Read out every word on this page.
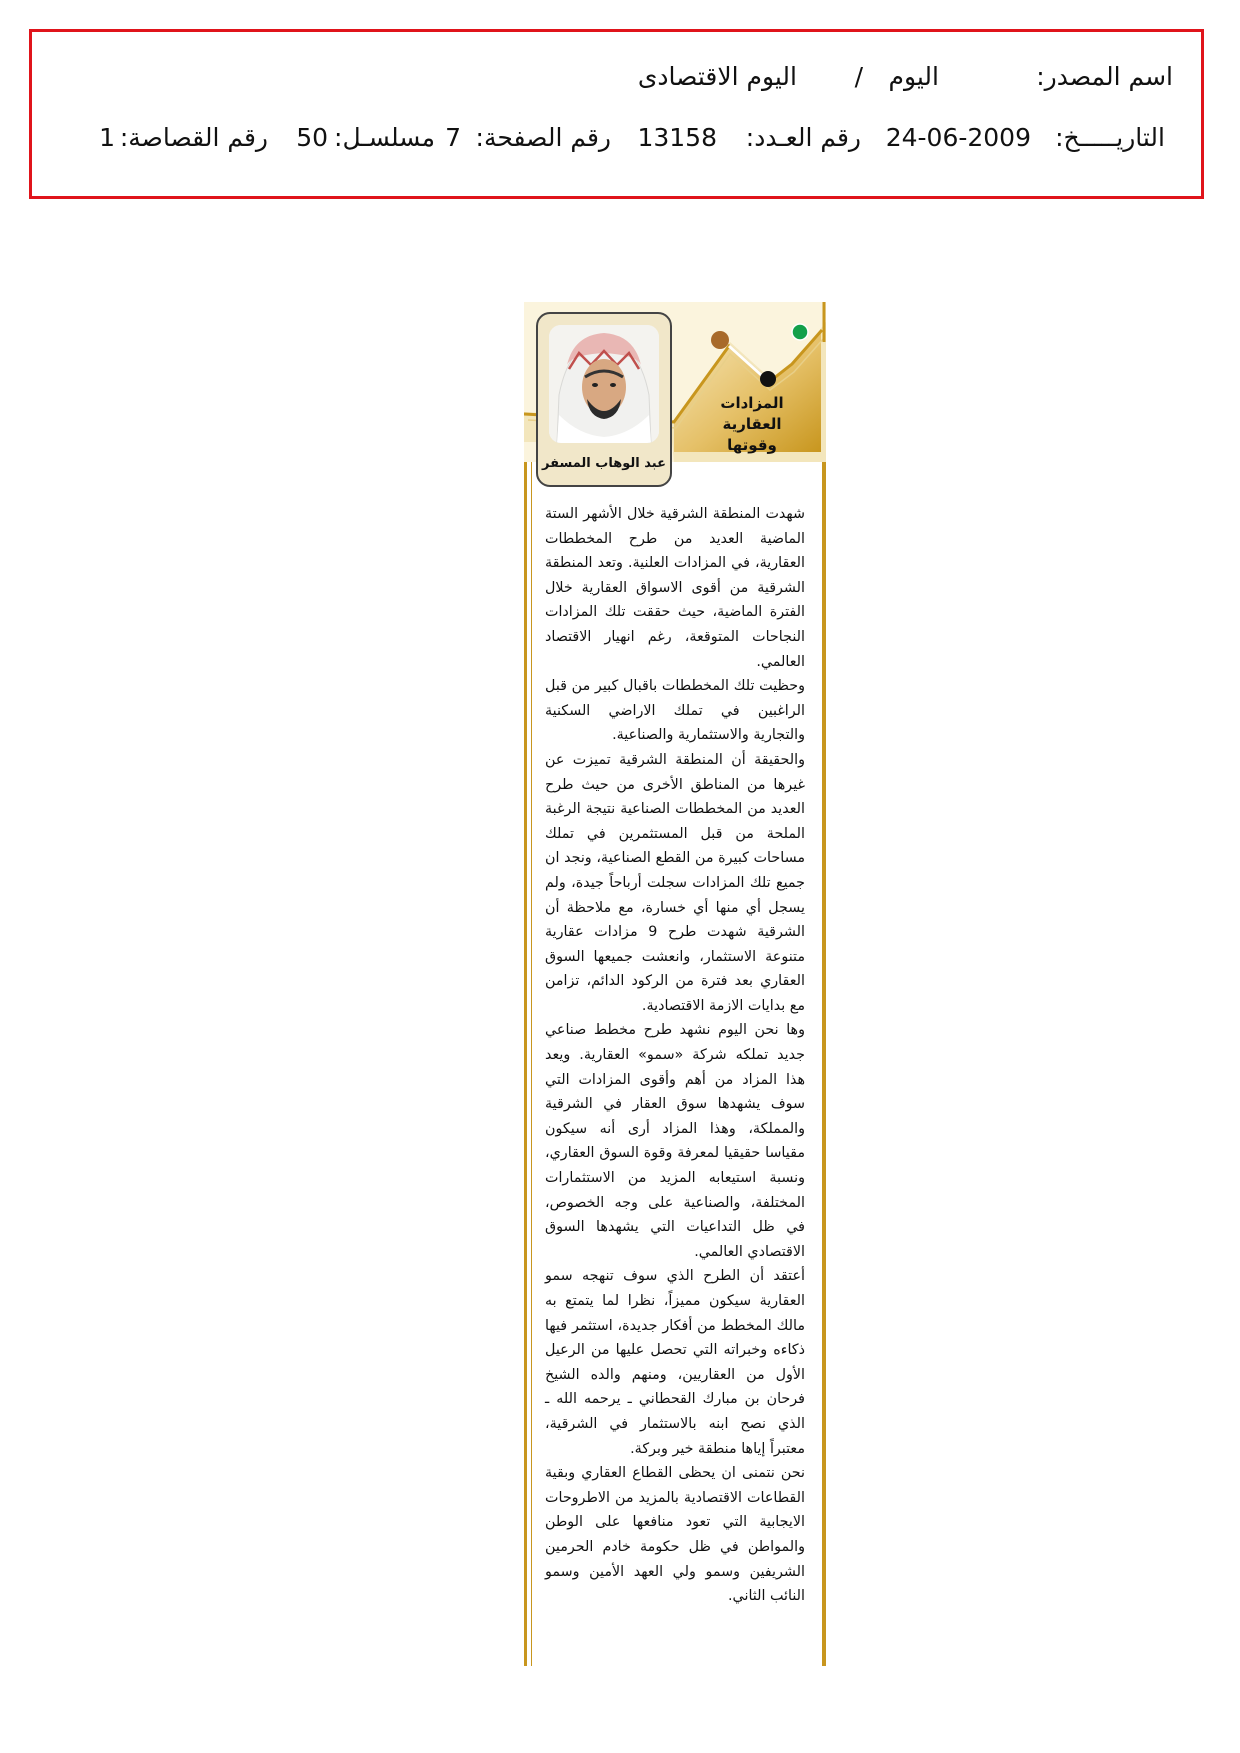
اسم المصدر:
اليوم
/
اليوم الاقتصادى
التاريـــــخ:
24-06-2009
رقم العـدد:
13158
رقم الصفحة:
7
مسلسـل:
50
رقم القصاصة:
1
المزادات العقارية وقوتها
عبد الوهاب المسفر

شهدت المنطقة الشرقية خلال الأشهر الستة الماضية العديد من طرح المخططات العقارية، في المزادات العلنية. وتعد المنطقة الشرقية من أقوى الاسواق العقارية خلال الفترة الماضية، حيث حققت تلك المزادات النجاحات المتوقعة، رغم انهيار الاقتصاد العالمي.

وحظيت تلك المخططات باقبال كبير من قبل الراغبين في تملك الاراضي السكنية والتجارية والاستثمارية والصناعية.

والحقيقة أن المنطقة الشرقية تميزت عن غيرها من المناطق الأخرى من حيث طرح العديد من المخططات الصناعية نتيجة الرغبة الملحة من قبل المستثمرين في تملك مساحات كبيرة من القطع الصناعية، ونجد ان جميع تلك المزادات سجلت أرباحاً جيدة، ولم يسجل أي منها أي خسارة، مع ملاحظة أن الشرقية شهدت طرح 9 مزادات عقارية متنوعة الاستثمار، وانعشت جميعها السوق العقاري بعد فترة من الركود الدائم، تزامن مع بدايات الازمة الاقتصادية.

وها نحن اليوم نشهد طرح مخطط صناعي جديد تملكه شركة «سمو» العقارية. ويعد هذا المزاد من أهم وأقوى المزادات التي سوف يشهدها سوق العقار في الشرقية والمملكة، وهذا المزاد أرى أنه سيكون مقياسا حقيقيا لمعرفة وقوة السوق العقاري، ونسبة استيعابه المزيد من الاستثمارات المختلفة، والصناعية على وجه الخصوص، في ظل التداعيات التي يشهدها السوق الاقتصادي العالمي.

أعتقد أن الطرح الذي سوف تنهجه سمو العقارية سيكون مميزاً، نظرا لما يتمتع به مالك المخطط من أفكار جديدة، استثمر فيها ذكاءه وخبراته التي تحصل عليها من الرعيل الأول من العقاريين، ومنهم والده الشيخ فرحان بن مبارك القحطاني ـ يرحمه الله ـ الذي نصح ابنه بالاستثمار في الشرقية، معتبراً إياها منطقة خير وبركة.

نحن نتمنى ان يحظى القطاع العقاري وبقية القطاعات الاقتصادية بالمزيد من الاطروحات الايجابية التي تعود منافعها على الوطن والمواطن في ظل حكومة خادم الحرمين الشريفين وسمو ولي العهد الأمين وسمو النائب الثاني.
